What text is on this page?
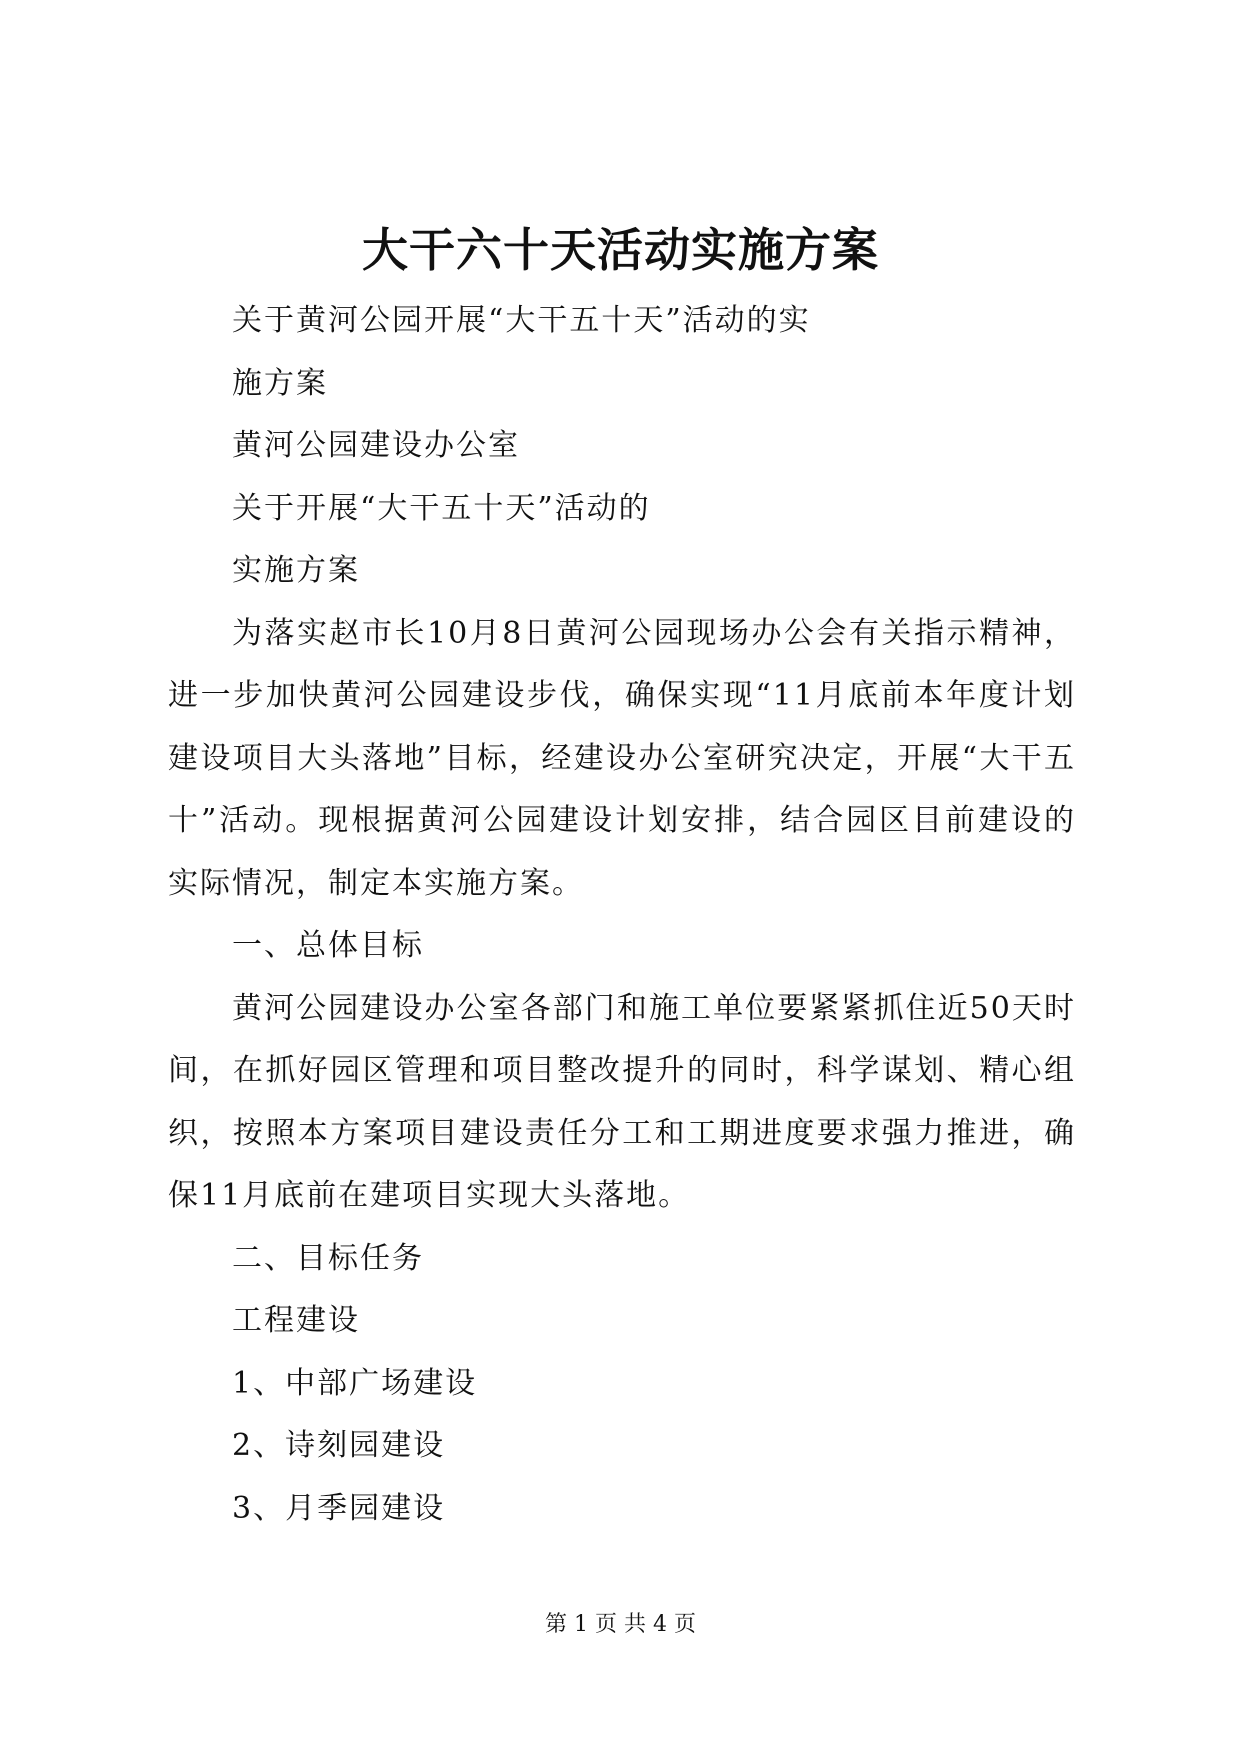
大干六十天活动实施方案

关于黄河公园开展“大干五十天”活动的实

施方案

黄河公园建设办公室

关于开展“大干五十天”活动的

实施方案

为落实赵市长10月8日黄河公园现场办公会有关指示精神，进一步加快黄河公园建设步伐，确保实现“11月底前本年度计划建设项目大头落地”目标，经建设办公室研究决定，开展“大干五十”活动。现根据黄河公园建设计划安排，结合园区目前建设的实际情况，制定本实施方案。

一、总体目标

黄河公园建设办公室各部门和施工单位要紧紧抓住近50天时间，在抓好园区管理和项目整改提升的同时，科学谋划、精心组织，按照本方案项目建设责任分工和工期进度要求强力推进，确保11月底前在建项目实现大头落地。

二、目标任务

工程建设

1、中部广场建设

2、诗刻园建设

3、月季园建设

第 1 页 共 4 页
